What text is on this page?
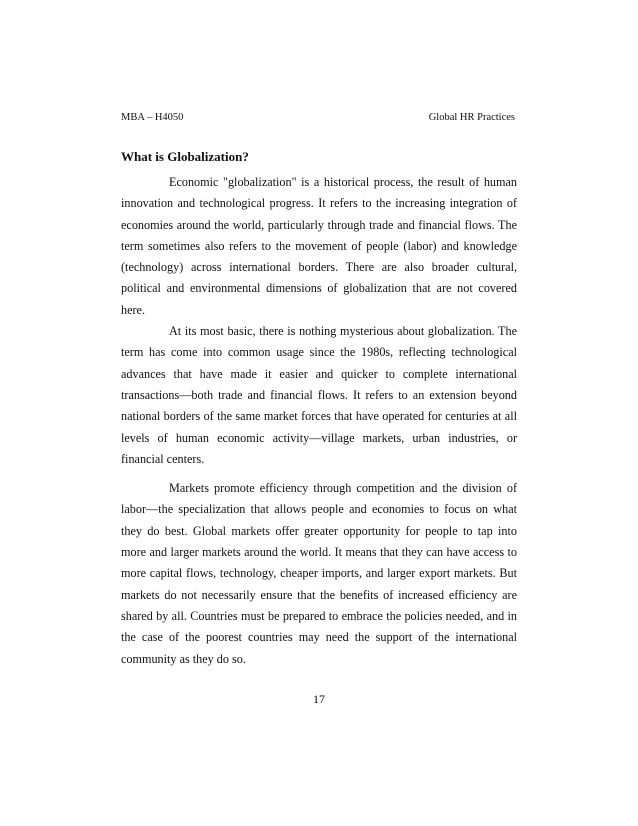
MBA – H4050	Global HR Practices
What is Globalization?

Economic "globalization" is a historical process, the result of human innovation and technological progress. It refers to the increasing integration of economies around the world, particularly through trade and financial flows. The term sometimes also refers to the movement of people (labor) and knowledge (technology) across international borders. There are also broader cultural, political and environmental dimensions of globalization that are not covered here.

At its most basic, there is nothing mysterious about globalization. The term has come into common usage since the 1980s, reflecting technological advances that have made it easier and quicker to complete international transactions—both trade and financial flows. It refers to an extension beyond national borders of the same market forces that have operated for centuries at all levels of human economic activity—village markets, urban industries, or financial centers.

Markets promote efficiency through competition and the division of labor—the specialization that allows people and economies to focus on what they do best. Global markets offer greater opportunity for people to tap into more and larger markets around the world. It means that they can have access to more capital flows, technology, cheaper imports, and larger export markets. But markets do not necessarily ensure that the benefits of increased efficiency are shared by all. Countries must be prepared to embrace the policies needed, and in the case of the poorest countries may need the support of the international community as they do so.

17
